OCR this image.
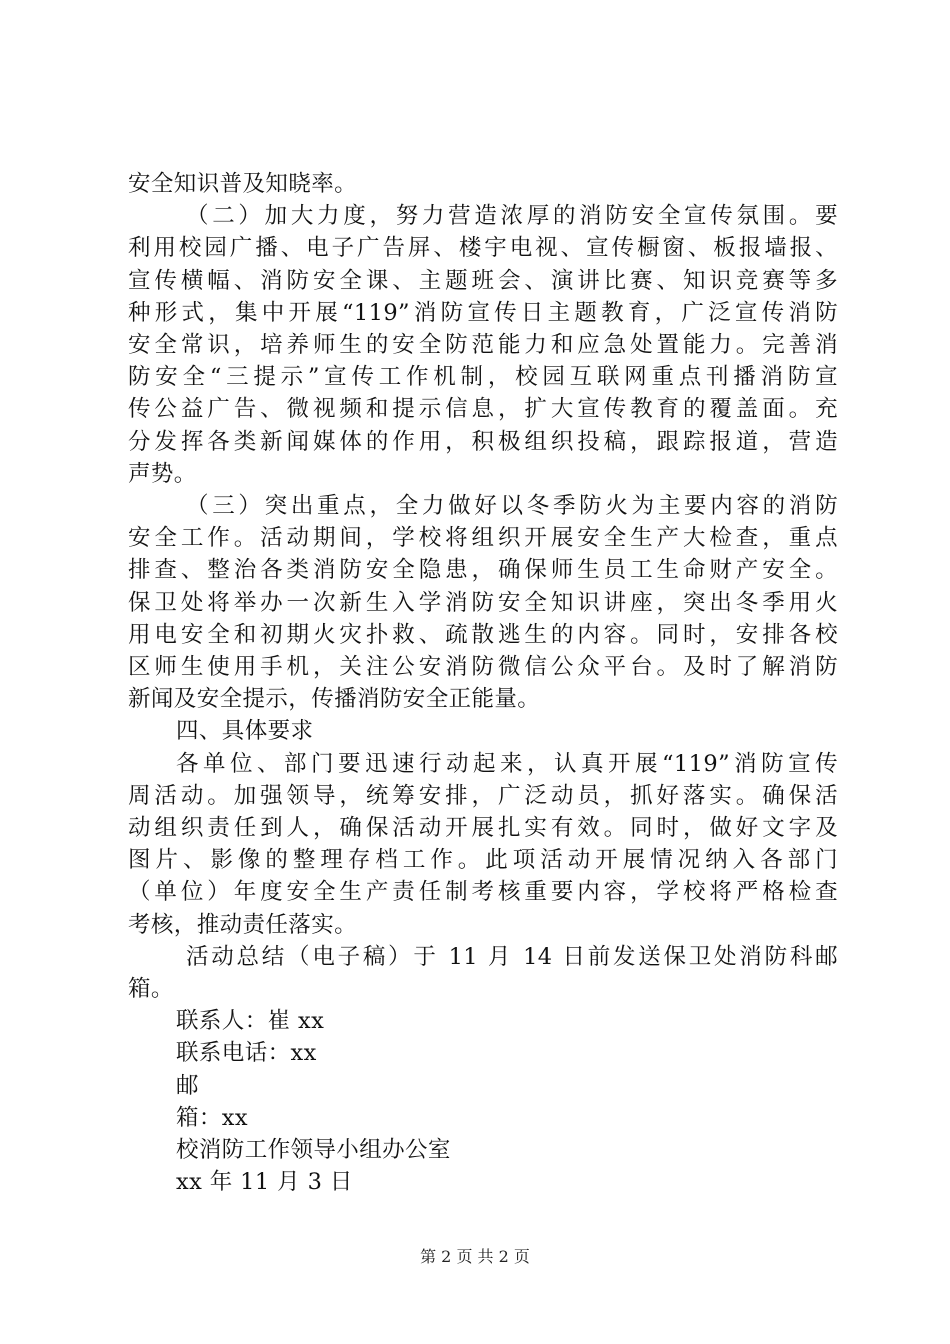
安全知识普及知晓率。
（二）加大力度，努力营造浓厚的消防安全宣传氛围。要
利用校园广播、电子广告屏、楼宇电视、宣传橱窗、板报墙报、
宣传横幅、消防安全课、主题班会、演讲比赛、知识竞赛等多
种形式，集中开展“119”消防宣传日主题教育，广泛宣传消防
安全常识，培养师生的安全防范能力和应急处置能力。完善消
防安全“三提示”宣传工作机制，校园互联网重点刊播消防宣
传公益广告、微视频和提示信息，扩大宣传教育的覆盖面。充
分发挥各类新闻媒体的作用，积极组织投稿，跟踪报道，营造
声势。
（三）突出重点，全力做好以冬季防火为主要内容的消防
安全工作。活动期间，学校将组织开展安全生产大检查，重点
排查、整治各类消防安全隐患，确保师生员工生命财产安全。
保卫处将举办一次新生入学消防安全知识讲座，突出冬季用火
用电安全和初期火灾扑救、疏散逃生的内容。同时，安排各校
区师生使用手机，关注公安消防微信公众平台。及时了解消防
新闻及安全提示，传播消防安全正能量。
四、具体要求
各单位、部门要迅速行动起来，认真开展“119”消防宣传
周活动。加强领导，统筹安排，广泛动员，抓好落实。确保活
动组织责任到人，确保活动开展扎实有效。同时，做好文字及
图片、影像的整理存档工作。此项活动开展情况纳入各部门
（单位）年度安全生产责任制考核重要内容，学校将严格检查
考核，推动责任落实。
活动总结（电子稿）于 11 月 14 日前发送保卫处消防科邮
箱。
联系人：崔 xx
联系电话：xx
邮
箱：xx
校消防工作领导小组办公室
xx 年 11 月 3 日
第 2 页 共 2 页
